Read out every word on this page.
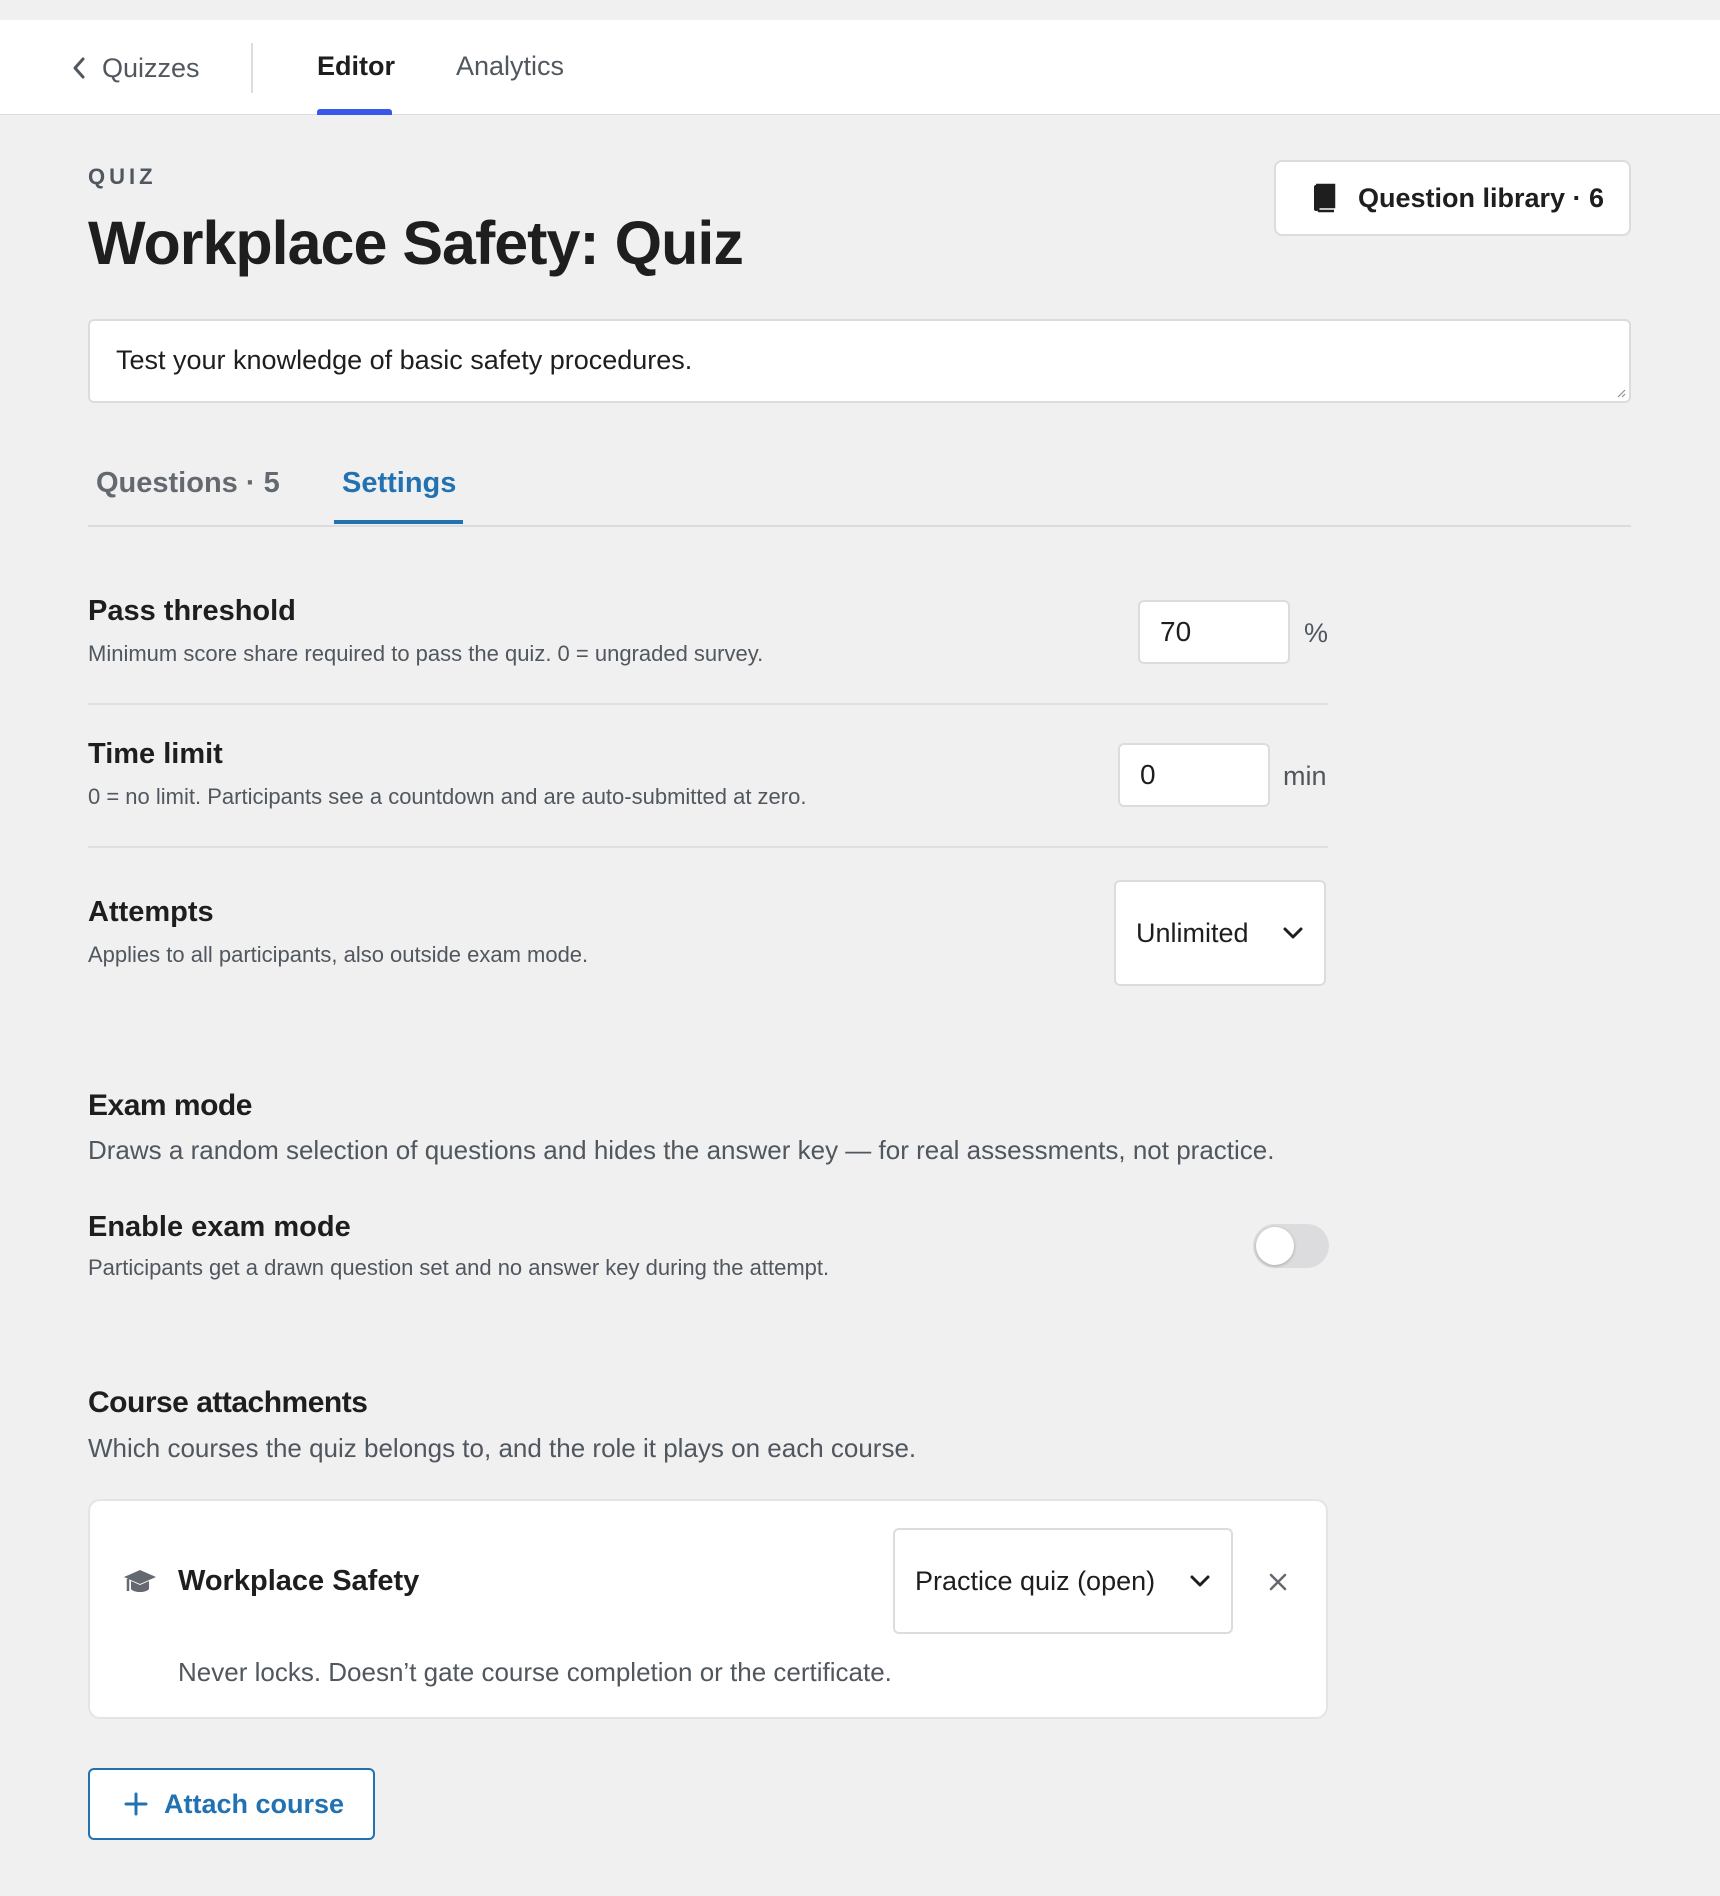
Quizzes	Editor Analytics
QUIZ
Workplace Safety: Quiz
Question library · 6
Test your knowledge of basic safety procedures.
Questions · 5 Settings
Pass threshold
Minimum score share required to pass the quiz. 0 = ungraded survey.
70	%
Time limit
0 = no limit. Participants see a countdown and are auto-submitted at zero.
0	min
Attempts
Applies to all participants, also outside exam mode.
Unlimited
Exam mode
Draws a random selection of questions and hides the answer key — for real assessments, not practice.
Enable exam mode
Participants get a drawn question set and no answer key during the attempt.
Course attachments
Which courses the quiz belongs to, and the role it plays on each course.
Workplace Safety	Practice quiz (open)
Never locks. Doesn’t gate course completion or the certificate.
Attach course
